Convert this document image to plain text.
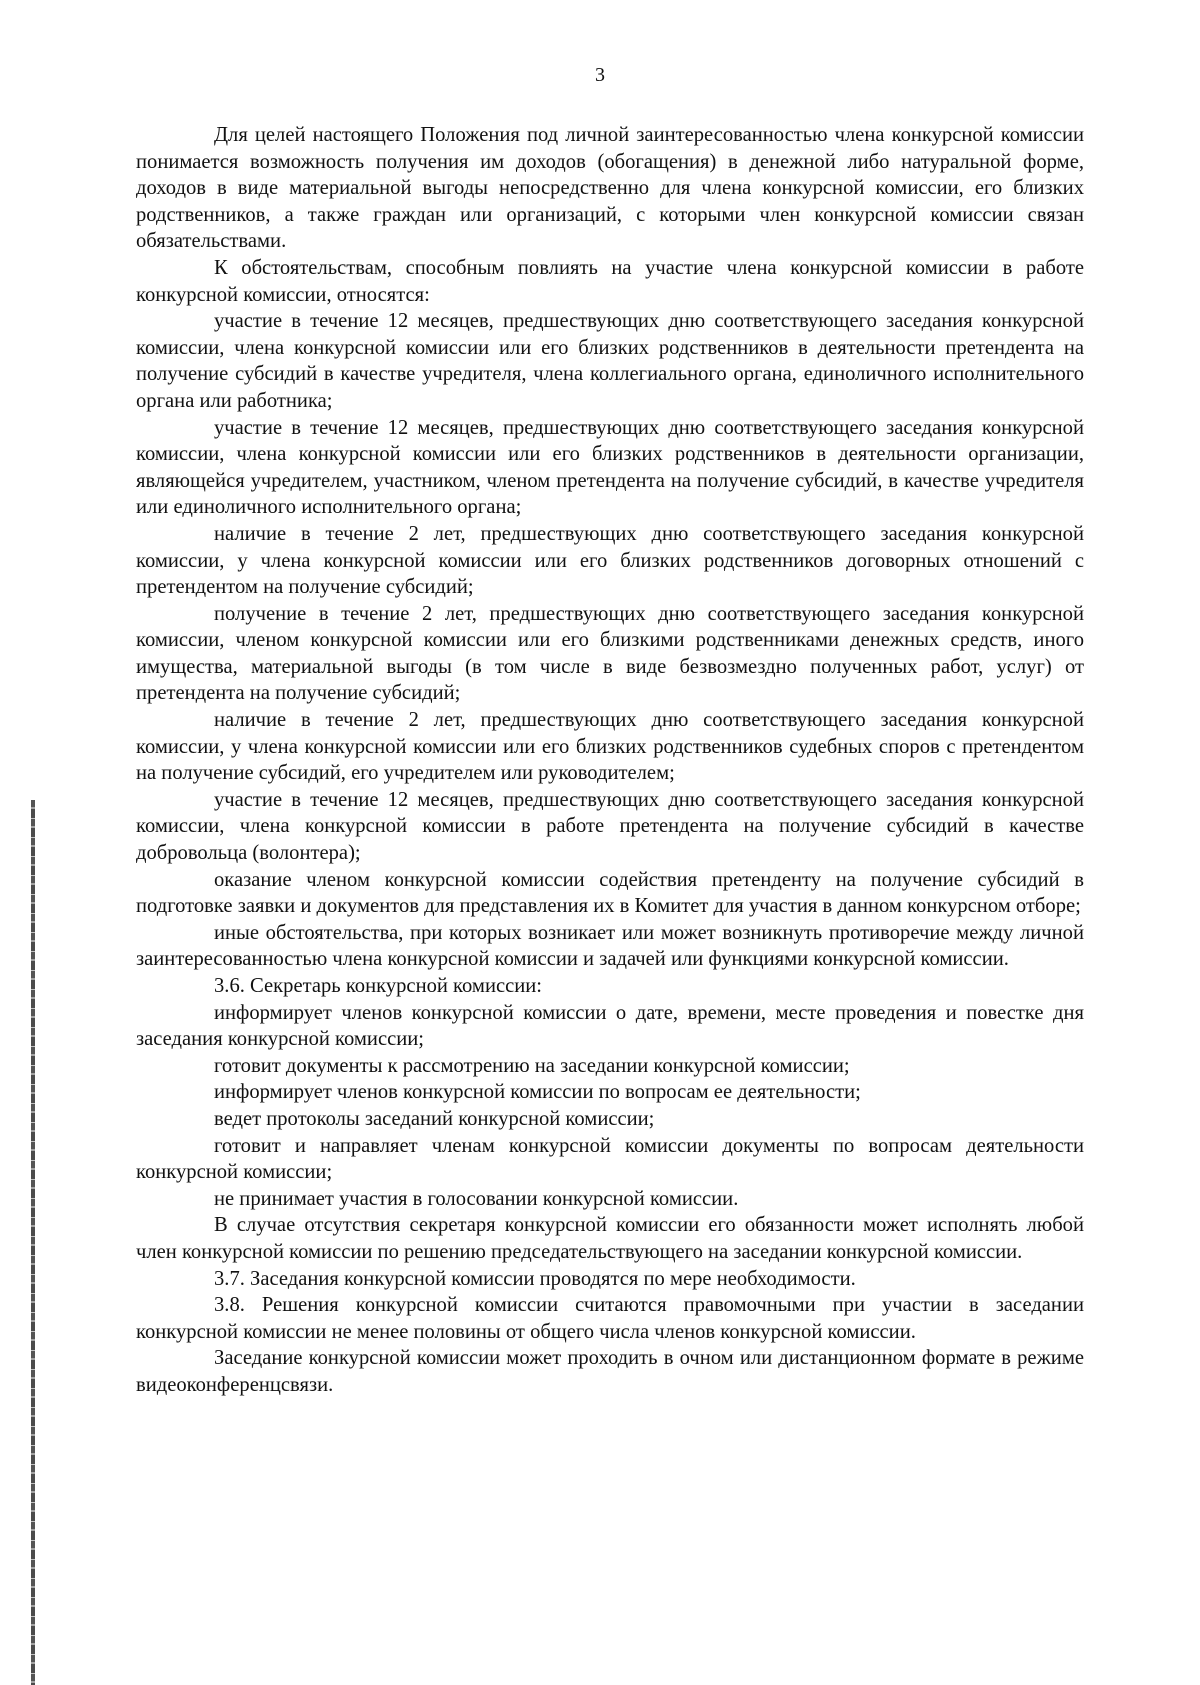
3

Для целей настоящего Положения под личной заинтересованностью члена конкурсной комиссии понимается возможность получения им доходов (обогащения) в денежной либо натуральной форме, доходов в виде материальной выгоды непосредственно для члена конкурсной комиссии, его близких родственников, а также граждан или организаций, с которыми член конкурсной комиссии связан обязательствами.

К обстоятельствам, способным повлиять на участие члена конкурсной комиссии в работе конкурсной комиссии, относятся:

участие в течение 12 месяцев, предшествующих дню соответствующего заседания конкурсной комиссии, члена конкурсной комиссии или его близких родственников в деятельности претендента на получение субсидий в качестве учредителя, члена коллегиального органа, единоличного исполнительного органа или работника;

участие в течение 12 месяцев, предшествующих дню соответствующего заседания конкурсной комиссии, члена конкурсной комиссии или его близких родственников в деятельности организации, являющейся учредителем, участником, членом претендента на получение субсидий, в качестве учредителя или единоличного исполнительного органа;

наличие в течение 2 лет, предшествующих дню соответствующего заседания конкурсной комиссии, у члена конкурсной комиссии или его близких родственников договорных отношений с претендентом на получение субсидий;

получение в течение 2 лет, предшествующих дню соответствующего заседания конкурсной комиссии, членом конкурсной комиссии или его близкими родственниками денежных средств, иного имущества, материальной выгоды (в том числе в виде безвозмездно полученных работ, услуг) от претендента на получение субсидий;

наличие в течение 2 лет, предшествующих дню соответствующего заседания конкурсной комиссии, у члена конкурсной комиссии или его близких родственников судебных споров с претендентом на получение субсидий, его учредителем или руководителем;

участие в течение 12 месяцев, предшествующих дню соответствующего заседания конкурсной комиссии, члена конкурсной комиссии в работе претендента на получение субсидий в качестве добровольца (волонтера);

оказание членом конкурсной комиссии содействия претенденту на получение субсидий в подготовке заявки и документов для представления их в Комитет для участия в данном конкурсном отборе;

иные обстоятельства, при которых возникает или может возникнуть противоречие между личной заинтересованностью члена конкурсной комиссии и задачей или функциями конкурсной комиссии.

3.6. Секретарь конкурсной комиссии:

информирует членов конкурсной комиссии о дате, времени, месте проведения и повестке дня заседания конкурсной комиссии;

готовит документы к рассмотрению на заседании конкурсной комиссии;

информирует членов конкурсной комиссии по вопросам ее деятельности;

ведет протоколы заседаний конкурсной комиссии;

готовит и направляет членам конкурсной комиссии документы по вопросам деятельности конкурсной комиссии;

не принимает участия в голосовании конкурсной комиссии.

В случае отсутствия секретаря конкурсной комиссии его обязанности может исполнять любой член конкурсной комиссии по решению председательствующего на заседании конкурсной комиссии.

3.7. Заседания конкурсной комиссии проводятся по мере необходимости.

3.8. Решения конкурсной комиссии считаются правомочными при участии в заседании конкурсной комиссии не менее половины от общего числа членов конкурсной комиссии.

Заседание конкурсной комиссии может проходить в очном или дистанционном формате в режиме видеоконференцсвязи.
